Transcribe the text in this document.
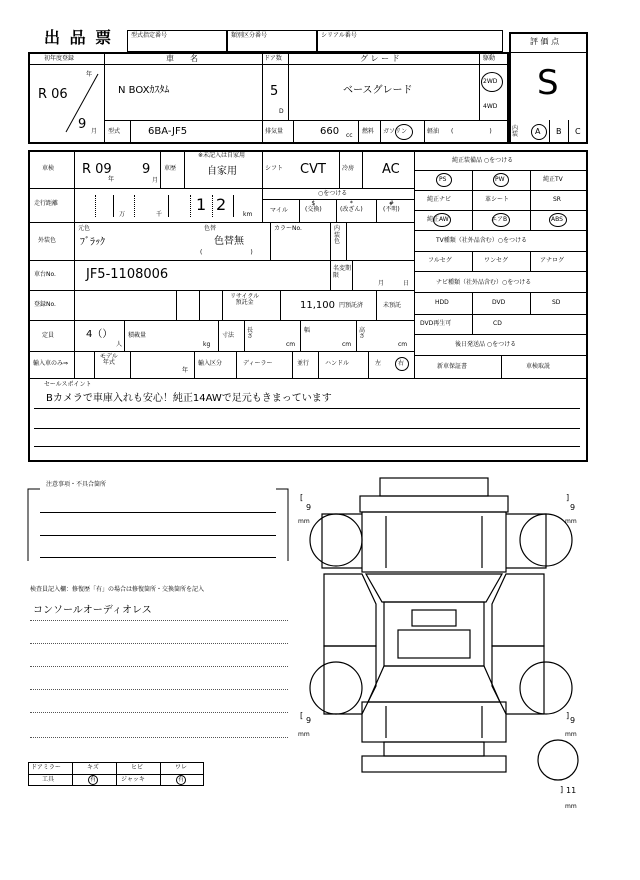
出 品 票	型式指定番号	類別区分番号	シリアル番号
評 価 点
S
初年度登録
年
R 06
9 月
車　　名
N BOXｶｽﾀﾑ
ドア数
5
D
グ レ ー ド
ベースグレード
駆動
2WD
4WD
型式	6BA-JF5	排気量	660 cc
燃料 ガソリン	軽油 (　　　　　　)	内装	A B C
車検 R 09
年
9
月
車歴
※未記入は自家用
自家用	シフト CVT	冷房 AC
走行距離
万	千
1 2
km
○をつける
マイル
$
(交換)
*
(改ざん)
#
(不明)
外装色
元色
ﾌﾞﾗｯｸ
色替
色替無
(　　　　　　　　)
カラーNo.	内装色
車台No. JF5-1108006	名変期限
月	日
登録No.
リサイクル
預託金	11,100 円預託済	未預託
定員	4（）
人
積載量
kg
寸法
長さ
cm
幅
cm
高さ
cm
輸入車のみ⇒
モデル
年式
年
輸入区分	ディーラー	並行	ハンドル	左	右
純正装備品 ○をつける
PS	PW	純正TV
純正ナビ	革シート	SR
純正AW	エアB	ABS
TV種類（社外品含む）○をつける
フルセグ	ワンセグ	アナログ
ナビ種類（社外品含む）○をつける
HDD	DVD	SD
DVD再生可	CD
後日発送品 ○をつける
新車保証書	車検取説
セールスポイント
Bカメラで車庫入れも安心！純正14AWで足元もきまっています
注意事項・不具合箇所
検査員記入欄：修復歴「有」の場合は修復箇所・交換箇所を記入
コンソールオーディオレス
ドアミラー	キズ	ヒビ	ワレ
工具	有	ジャッキ	有
[	]
[	]
]
9
mm
9
mm
9
mm
9
mm
11
mm
